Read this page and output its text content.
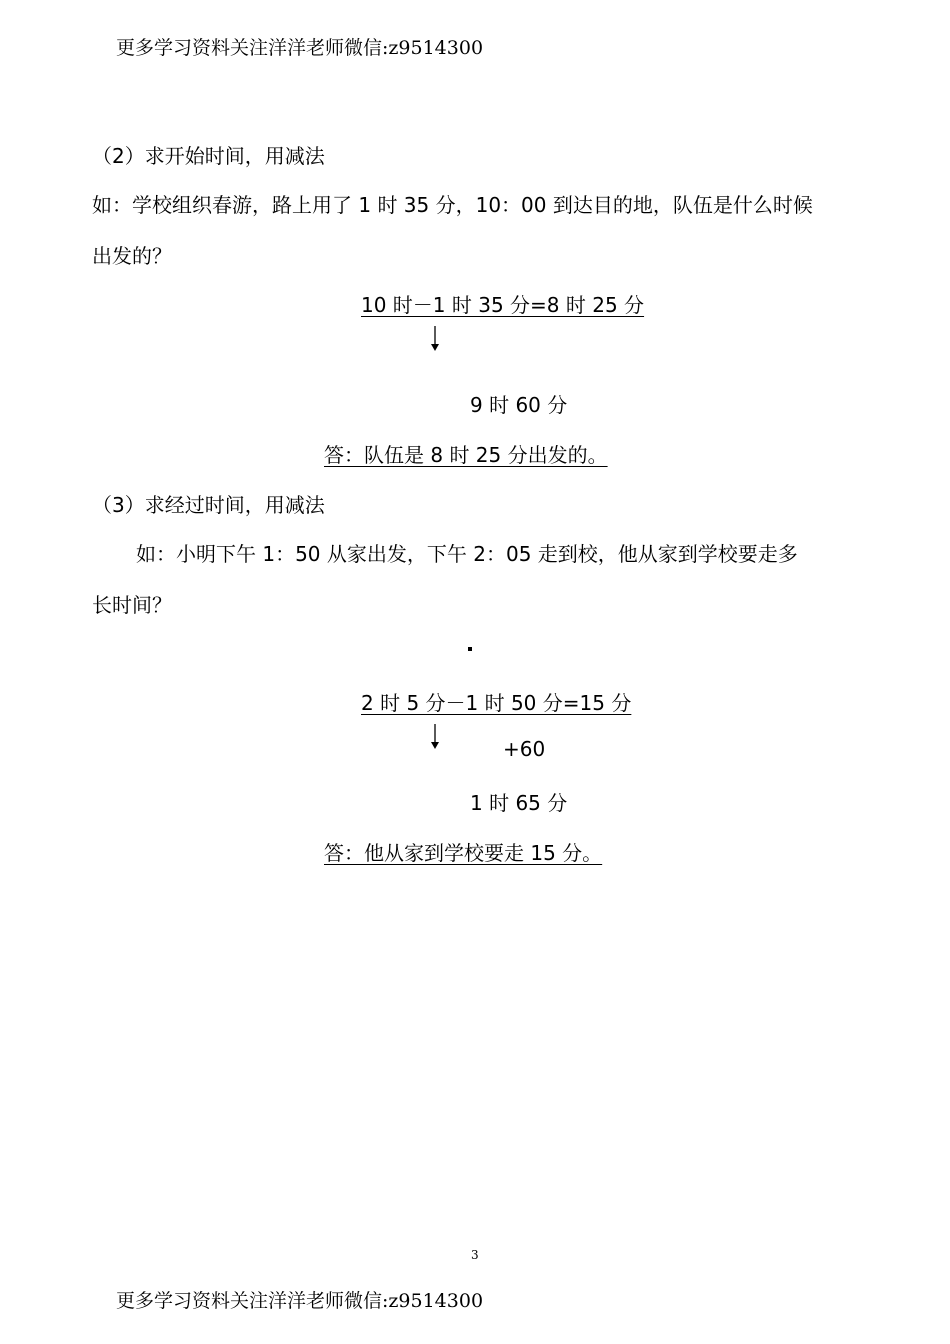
更多学习资料关注洋洋老师微信:z9514300
（2）求开始时间，用减法
如：学校组织春游，路上用了 1 时 35 分，10：00 到达目的地，队伍是什么时候
出发的？
10 时－1 时 35 分=8 时 25 分
9 时 60 分
答：队伍是 8 时 25 分出发的。
（3）求经过时间，用减法
如：小明下午 1：50 从家出发，下午 2：05 走到校，他从家到学校要走多
长时间？
2 时 5 分－1 时 50 分=15 分
+60
1 时 65 分
答：他从家到学校要走 15 分。
3
更多学习资料关注洋洋老师微信:z9514300
